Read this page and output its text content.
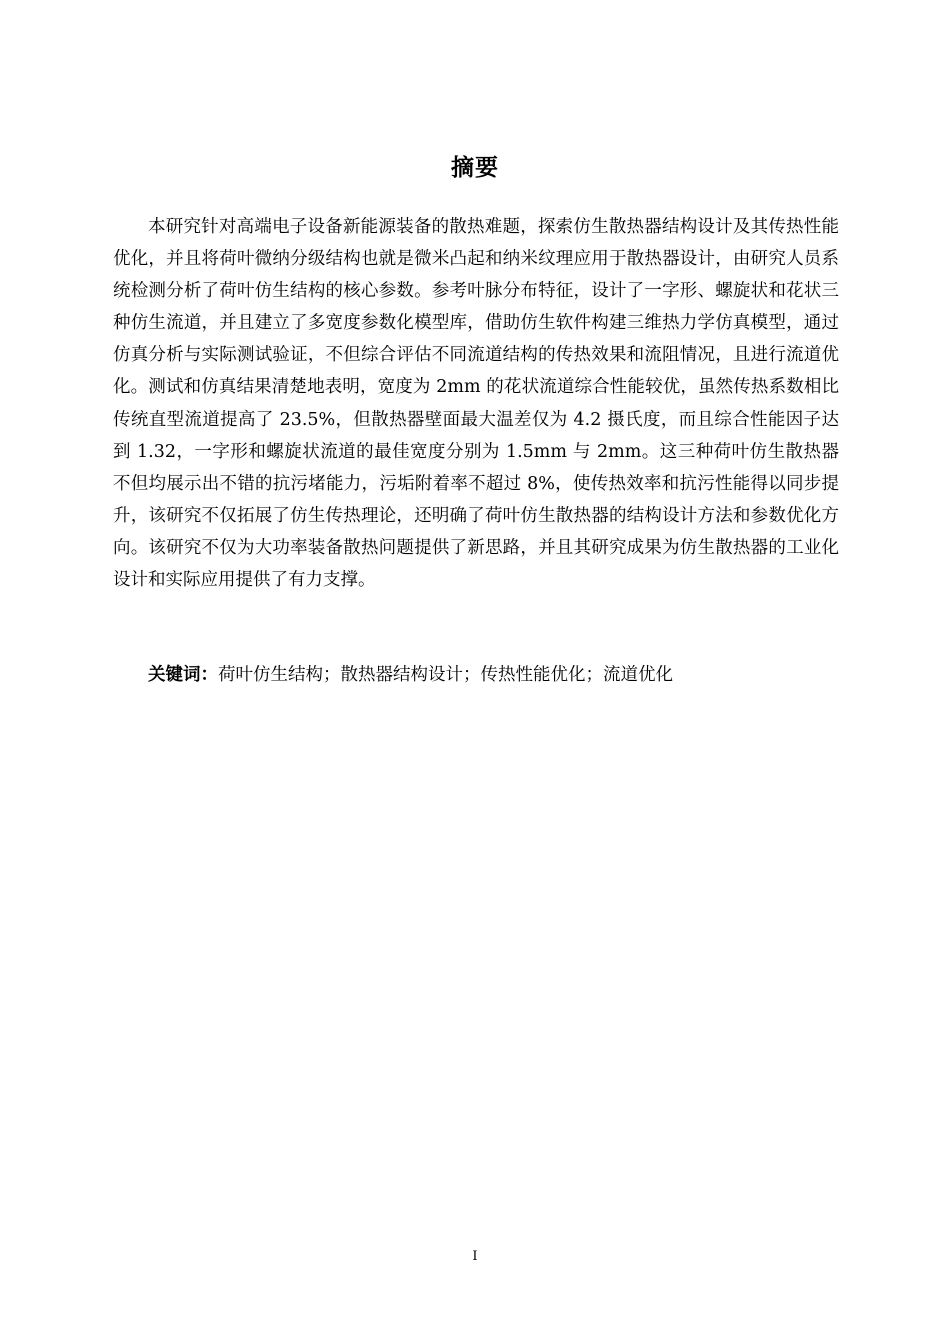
摘要

本研究针对高端电子设备新能源装备的散热难题，探索仿生散热器结构设计及其传热性能优化，并且将荷叶微纳分级结构也就是微米凸起和纳米纹理应用于散热器设计，由研究人员系统检测分析了荷叶仿生结构的核心参数。参考叶脉分布特征，设计了一字形、螺旋状和花状三种仿生流道，并且建立了多宽度参数化模型库，借助仿生软件构建三维热力学仿真模型，通过仿真分析与实际测试验证，不但综合评估不同流道结构的传热效果和流阻情况，且进行流道优化。测试和仿真结果清楚地表明，宽度为 2mm 的花状流道综合性能较优，虽然传热系数相比传统直型流道提高了 23.5%，但散热器壁面最大温差仅为 4.2 摄氏度，而且综合性能因子达到 1.32，一字形和螺旋状流道的最佳宽度分别为 1.5mm 与 2mm。这三种荷叶仿生散热器不但均展示出不错的抗污堵能力，污垢附着率不超过 8%，使传热效率和抗污性能得以同步提升，该研究不仅拓展了仿生传热理论，还明确了荷叶仿生散热器的结构设计方法和参数优化方向。该研究不仅为大功率装备散热问题提供了新思路，并且其研究成果为仿生散热器的工业化设计和实际应用提供了有力支撑。

关键词：荷叶仿生结构；散热器结构设计；传热性能优化；流道优化
I
